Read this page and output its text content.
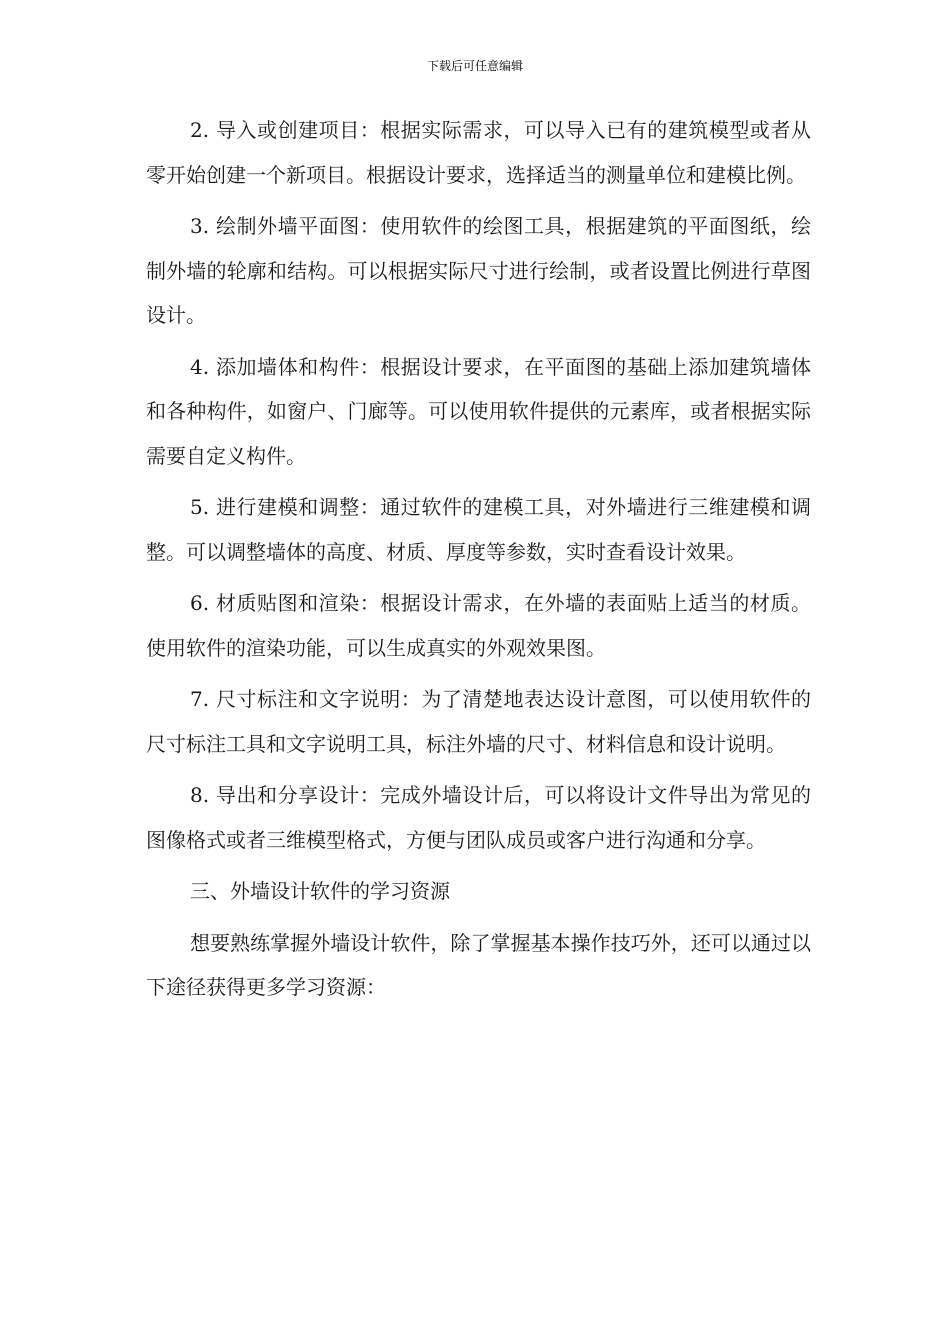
下载后可任意编辑

2. 导入或创建项目：根据实际需求，可以导入已有的建筑模型或者从零开始创建一个新项目。根据设计要求，选择适当的测量单位和建模比例。

3. 绘制外墙平面图：使用软件的绘图工具，根据建筑的平面图纸，绘制外墙的轮廓和结构。可以根据实际尺寸进行绘制，或者设置比例进行草图设计。

4. 添加墙体和构件：根据设计要求，在平面图的基础上添加建筑墙体和各种构件，如窗户、门廊等。可以使用软件提供的元素库，或者根据实际需要自定义构件。

5. 进行建模和调整：通过软件的建模工具，对外墙进行三维建模和调整。可以调整墙体的高度、材质、厚度等参数，实时查看设计效果。

6. 材质贴图和渲染：根据设计需求，在外墙的表面贴上适当的材质。使用软件的渲染功能，可以生成真实的外观效果图。

7. 尺寸标注和文字说明：为了清楚地表达设计意图，可以使用软件的尺寸标注工具和文字说明工具，标注外墙的尺寸、材料信息和设计说明。

8. 导出和分享设计：完成外墙设计后，可以将设计文件导出为常见的图像格式或者三维模型格式，方便与团队成员或客户进行沟通和分享。

三、外墙设计软件的学习资源

想要熟练掌握外墙设计软件，除了掌握基本操作技巧外，还可以通过以下途径获得更多学习资源：
